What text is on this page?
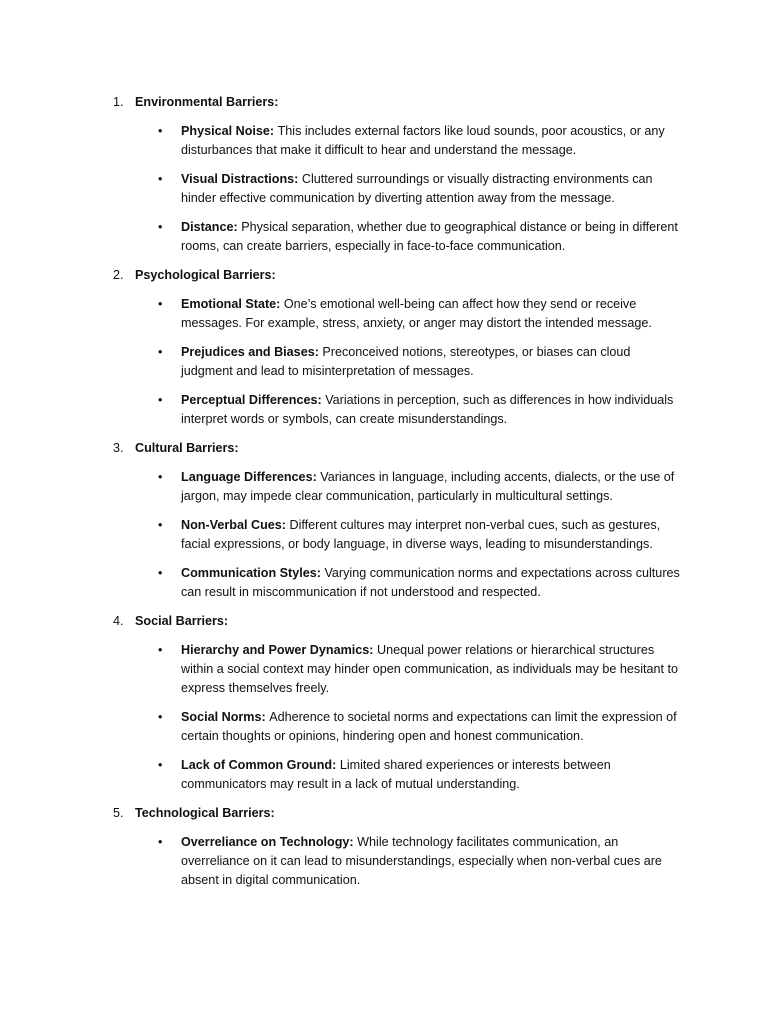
1. Environmental Barriers:
•	Physical Noise: This includes external factors like loud sounds, poor acoustics, or any disturbances that make it difficult to hear and understand the message.
•	Visual Distractions: Cluttered surroundings or visually distracting environments can hinder effective communication by diverting attention away from the message.
•	Distance: Physical separation, whether due to geographical distance or being in different rooms, can create barriers, especially in face-to-face communication.
2. Psychological Barriers:
•	Emotional State: One’s emotional well-being can affect how they send or receive messages. For example, stress, anxiety, or anger may distort the intended message.
•	Prejudices and Biases: Preconceived notions, stereotypes, or biases can cloud judgment and lead to misinterpretation of messages.
•	Perceptual Differences: Variations in perception, such as differences in how individuals interpret words or symbols, can create misunderstandings.
3. Cultural Barriers:
•	Language Differences: Variances in language, including accents, dialects, or the use of jargon, may impede clear communication, particularly in multicultural settings.
•	Non-Verbal Cues: Different cultures may interpret non-verbal cues, such as gestures, facial expressions, or body language, in diverse ways, leading to misunderstandings.
•	Communication Styles: Varying communication norms and expectations across cultures can result in miscommunication if not understood and respected.
4. Social Barriers:
•	Hierarchy and Power Dynamics: Unequal power relations or hierarchical structures within a social context may hinder open communication, as individuals may be hesitant to express themselves freely.
•	Social Norms: Adherence to societal norms and expectations can limit the expression of certain thoughts or opinions, hindering open and honest communication.
•	Lack of Common Ground: Limited shared experiences or interests between communicators may result in a lack of mutual understanding.
5. Technological Barriers:
•	Overreliance on Technology: While technology facilitates communication, an overreliance on it can lead to misunderstandings, especially when non-verbal cues are absent in digital communication.
